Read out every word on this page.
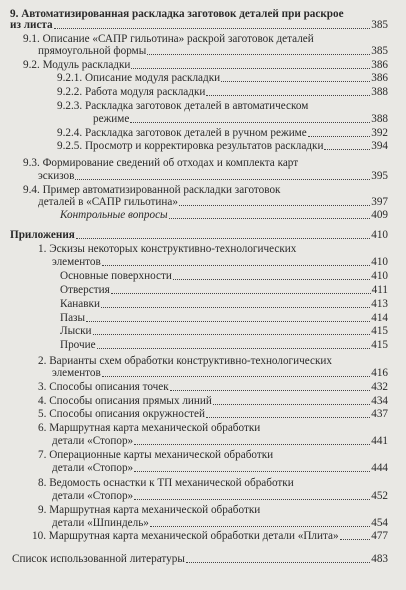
9. Автоматизированная раскладка заготовок деталей при раскрое
из листа	385
9.1. Описание «САПР гильотина» раскрой заготовок деталей
прямоугольной формы	385
9.2. Модуль раскладки	386
9.2.1. Описание модуля раскладки	386
9.2.2. Работа модуля раскладки	388
9.2.3. Раскладка заготовок деталей в автоматическом
режиме	388
9.2.4. Раскладка заготовок деталей в ручном режиме	392
9.2.5. Просмотр и корректировка результатов раскладки	394
9.3. Формирование сведений об отходах и комплекта карт
эскизов	395
9.4. Пример автоматизированной раскладки заготовок
деталей в «САПР гильотина»	397
Контрольные вопросы	409
Приложения	410
1. Эскизы некоторых конструктивно-технологических
элементов	410
Основные поверхности	410
Отверстия	411
Канавки	413
Пазы	414
Лыски	415
Прочие	415
2. Варианты схем обработки конструктивно-технологических
элементов	416
3. Способы описания точек	432
4. Способы описания прямых линий	434
5. Способы описания окружностей	437
6. Маршрутная карта механической обработки
детали «Стопор»	441
7. Операционные карты механической обработки
детали «Стопор»	444
8. Ведомость оснастки к ТП механической обработки
детали «Стопор»	452
9. Маршрутная карта механической обработки
детали «Шпиндель»	454
10. Маршрутная карта механической обработки детали «Плита»	477
Список использованной литературы	483
